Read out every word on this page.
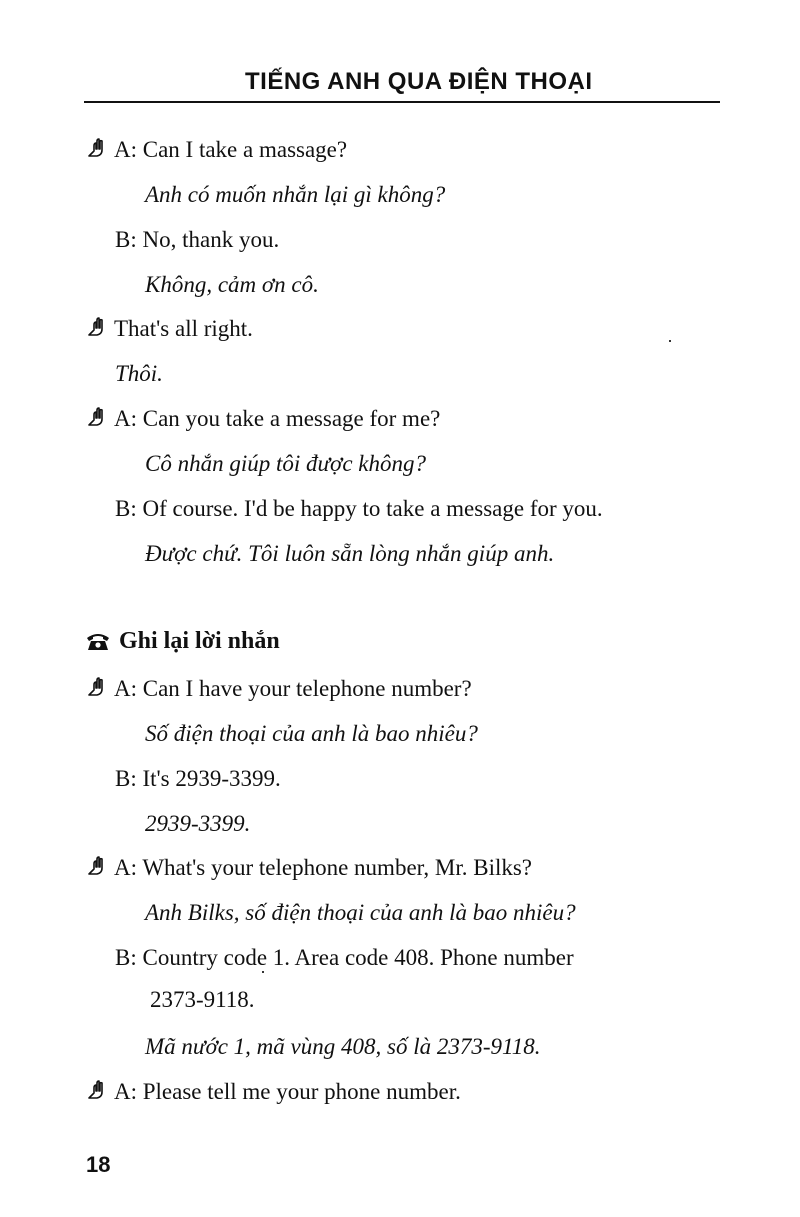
TIẾNG ANH QUA ĐIỆN THOẠI
A: Can I take a massage?
Anh có muốn nhắn lại gì không?
B: No, thank you.
Không, cảm ơn cô.
That's all right.
Thôi.
A: Can you take a message for me?
Cô nhắn giúp tôi được không?
B: Of course. I'd be happy to take a message for you.
Được chứ. Tôi luôn sẵn lòng nhắn giúp anh.
Ghi lại lời nhắn
A: Can I have your telephone number?
Số điện thoại của anh là bao nhiêu?
B: It's 2939-3399.
2939-3399.
A: What's your telephone number, Mr. Bilks?
Anh Bilks, số điện thoại của anh là bao nhiêu?
B: Country code 1. Area code 408. Phone number
2373-9118.
Mã nước 1, mã vùng 408, số là 2373-9118.
A: Please tell me your phone number.
18
